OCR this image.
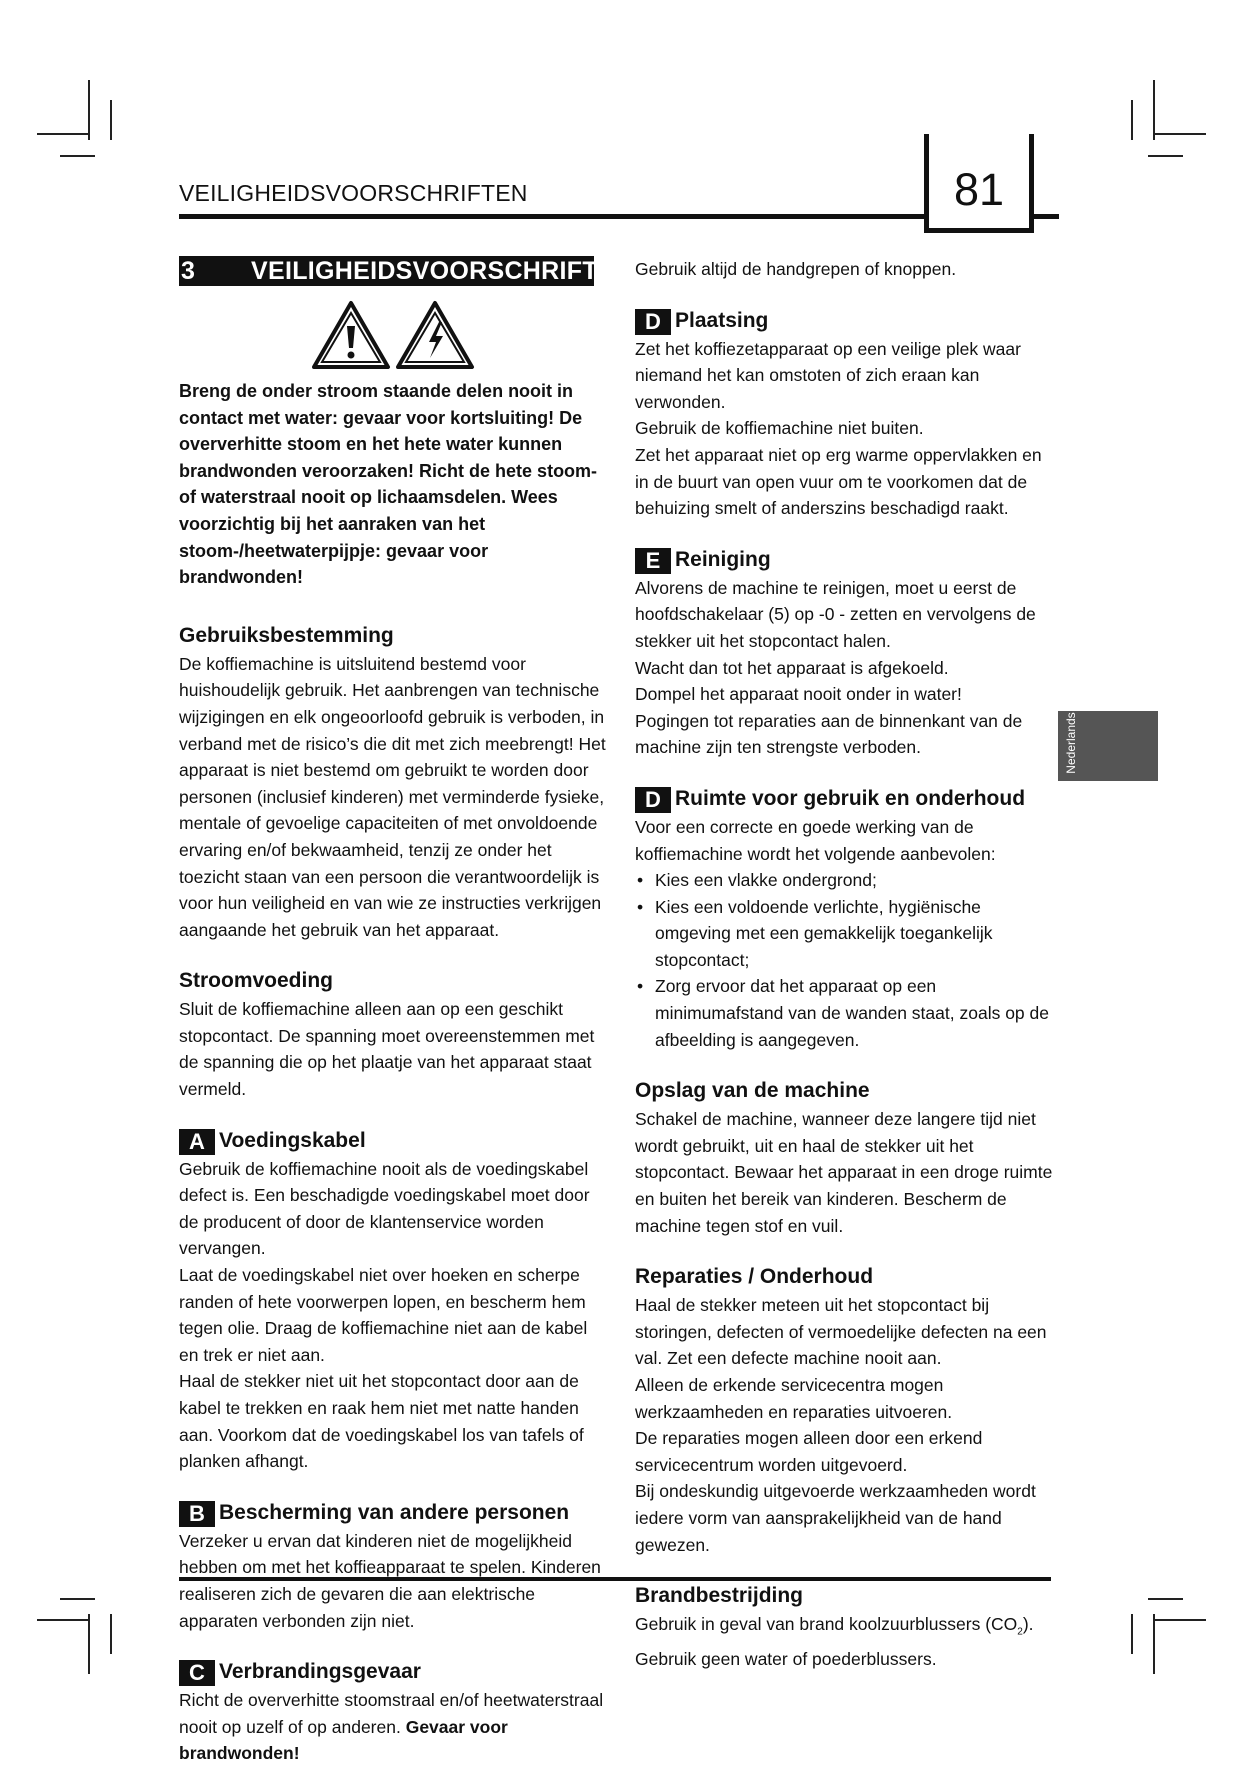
VEILIGHEIDSVOORSCHRIFTEN	81
Nederlands
3 VEILIGHEIDSVOORSCHRIFTEN

Breng de onder stroom staande delen nooit in contact met water: gevaar voor kortsluiting! De oververhitte stoom en het hete water kunnen brandwonden veroorzaken! Richt de hete stoom- of waterstraal nooit op lichaamsdelen. Wees voorzichtig bij het aanraken van het stoom-/heetwaterpijpje: gevaar voor brandwonden!

Gebruiksbestemming

De koffiemachine is uitsluitend bestemd voor huishoudelijk gebruik. Het aanbrengen van technische wijzigingen en elk ongeoorloofd gebruik is verboden, in verband met de risico’s die dit met zich meebrengt! Het apparaat is niet bestemd om gebruikt te worden door personen (inclusief kinderen) met verminderde fysieke, mentale of gevoelige capaciteiten of met onvoldoende ervaring en/of bekwaamheid, tenzij ze onder het toezicht staan van een persoon die verantwoordelijk is voor hun veiligheid en van wie ze instructies verkrijgen aangaande het gebruik van het apparaat.

Stroomvoeding

Sluit de koffiemachine alleen aan op een geschikt stopcontact. De spanning moet overeenstemmen met de spanning die op het plaatje van het apparaat staat vermeld.

A Voedingskabel

Gebruik de koffiemachine nooit als de voedingskabel defect is. Een beschadigde voedingskabel moet door de producent of door de klantenservice worden vervangen.

Laat de voedingskabel niet over hoeken en scherpe randen of hete voorwerpen lopen, en bescherm hem tegen olie. Draag de koffiemachine niet aan de kabel en trek er niet aan.

Haal de stekker niet uit het stopcontact door aan de kabel te trekken en raak hem niet met natte handen aan. Voorkom dat de voedingskabel los van tafels of planken afhangt.

B Bescherming van andere personen

Verzeker u ervan dat kinderen niet de mogelijkheid hebben om met het koffieapparaat te spelen. Kinderen realiseren zich de gevaren die aan elektrische apparaten verbonden zijn niet.

C Verbrandingsgevaar

Richt de oververhitte stoomstraal en/of heetwaterstraal nooit op uzelf of op anderen. Gevaar voor brandwonden!

Gebruik altijd de handgrepen of knoppen.

D Plaatsing

Zet het koffiezetapparaat op een veilige plek waar niemand het kan omstoten of zich eraan kan verwonden.

Gebruik de koffiemachine niet buiten.

Zet het apparaat niet op erg warme oppervlakken en in de buurt van open vuur om te voorkomen dat de behuizing smelt of anderszins beschadigd raakt.

E Reiniging

Alvorens de machine te reinigen, moet u eerst de hoofdschakelaar (5) op -0 - zetten en vervolgens de stekker uit het stopcontact halen.

Wacht dan tot het apparaat is afgekoeld.

Dompel het apparaat nooit onder in water!

Pogingen tot reparaties aan de binnenkant van de machine zijn ten strengste verboden.

D Ruimte voor gebruik en onderhoud

Voor een correcte en goede werking van de koffiemachine wordt het volgende aanbevolen:

• Kies een vlakke ondergrond;
• Kies een voldoende verlichte, hygiënische omgeving met een gemakkelijk toegankelijk stopcontact;
• Zorg ervoor dat het apparaat op een minimumafstand van de wanden staat, zoals op de afbeelding is aangegeven.
Opslag van de machine

Schakel de machine, wanneer deze langere tijd niet wordt gebruikt, uit en haal de stekker uit het stopcontact. Bewaar het apparaat in een droge ruimte en buiten het bereik van kinderen. Bescherm de machine tegen stof en vuil.

Reparaties / Onderhoud

Haal de stekker meteen uit het stopcontact bij storingen, defecten of vermoedelijke defecten na een val. Zet een defecte machine nooit aan.

Alleen de erkende servicecentra mogen werkzaamheden en reparaties uitvoeren.

De reparaties mogen alleen door een erkend servicecentrum worden uitgevoerd.

Bij ondeskundig uitgevoerde werkzaamheden wordt iedere vorm van aansprakelijkheid van de hand gewezen.

Brandbestrijding

Gebruik in geval van brand koolzuurblussers $(CO_2)$. Gebruik geen water of poederblussers.
